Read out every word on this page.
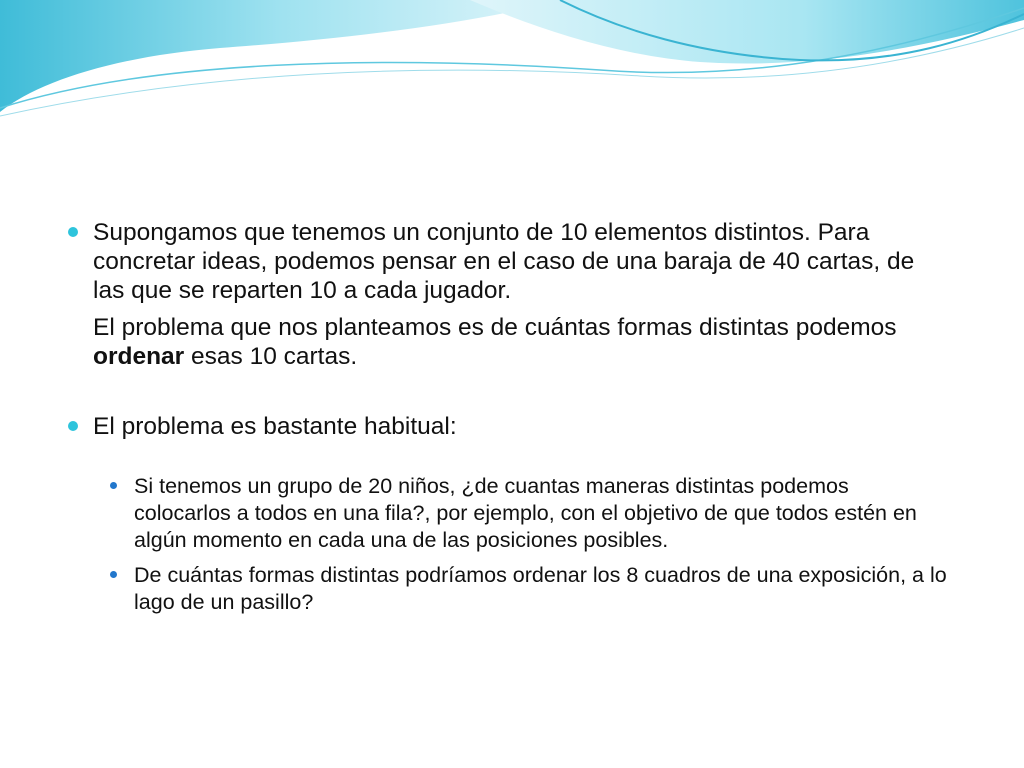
Supongamos que tenemos un conjunto de 10 elementos distintos. Para concretar ideas, podemos pensar en el caso de una baraja de 40 cartas, de las que se reparten 10 a cada jugador.

El problema que nos planteamos es de cuántas formas distintas podemos ordenar esas 10 cartas.

El problema es bastante habitual:

Si tenemos un grupo de 20 niños, ¿de cuantas maneras distintas podemos colocarlos a todos en una fila?, por ejemplo, con el objetivo de que todos estén en algún momento en cada una de las posiciones posibles.
De cuántas formas distintas podríamos ordenar los 8 cuadros de una exposición, a lo lago de un pasillo?
